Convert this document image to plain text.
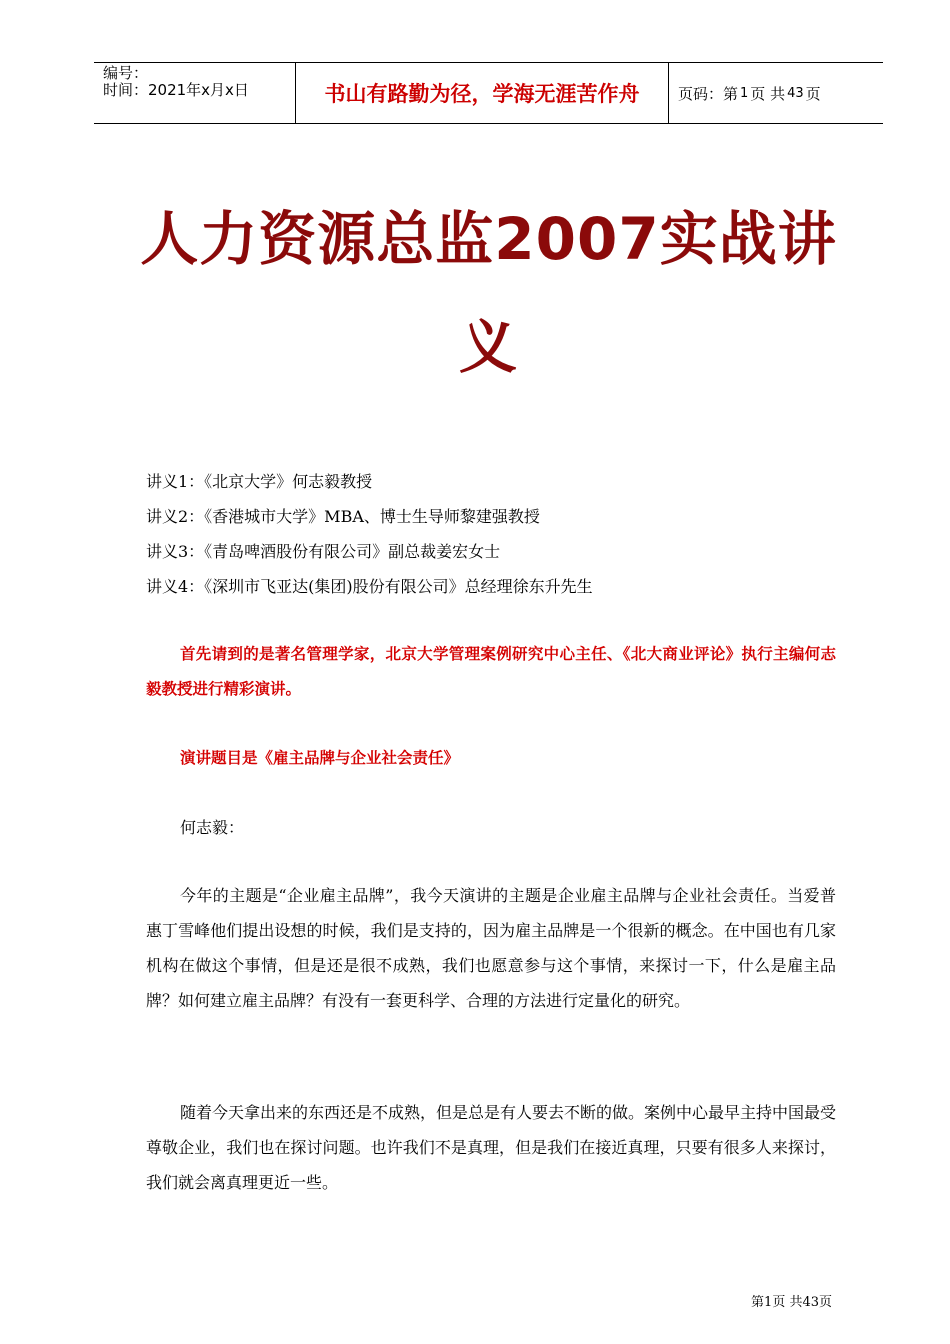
编号：
时间：2021年x月x日	书山有路勤为径，学海无涯苦作舟	页码：第 1 页 共 43 页
人力资源总监2007实战讲
义
讲义1：《北京大学》何志毅教授
讲义2：《香港城市大学》MBA、博士生导师黎建强教授
讲义3：《青岛啤酒股份有限公司》副总裁姜宏女士
讲义4：《深圳市飞亚达(集团)股份有限公司》总经理徐东升先生
首先请到的是著名管理学家，北京大学管理案例研究中心主任、《北大商业评论》执行主编何志毅教授进行精彩演讲。
演讲题目是《雇主品牌与企业社会责任》
何志毅：
今年的主题是“企业雇主品牌”，我今天演讲的主题是企业雇主品牌与企业社会责任。当爱普惠丁雪峰他们提出设想的时候，我们是支持的，因为雇主品牌是一个很新的概念。在中国也有几家机构在做这个事情，但是还是很不成熟，我们也愿意参与这个事情，来探讨一下，什么是雇主品牌？如何建立雇主品牌？有没有一套更科学、合理的方法进行定量化的研究。
随着今天拿出来的东西还是不成熟，但是总是有人要去不断的做。案例中心最早主持中国最受尊敬企业，我们也在探讨问题。也许我们不是真理，但是我们在接近真理，只要有很多人来探讨，我们就会离真理更近一些。
第1页 共43页
